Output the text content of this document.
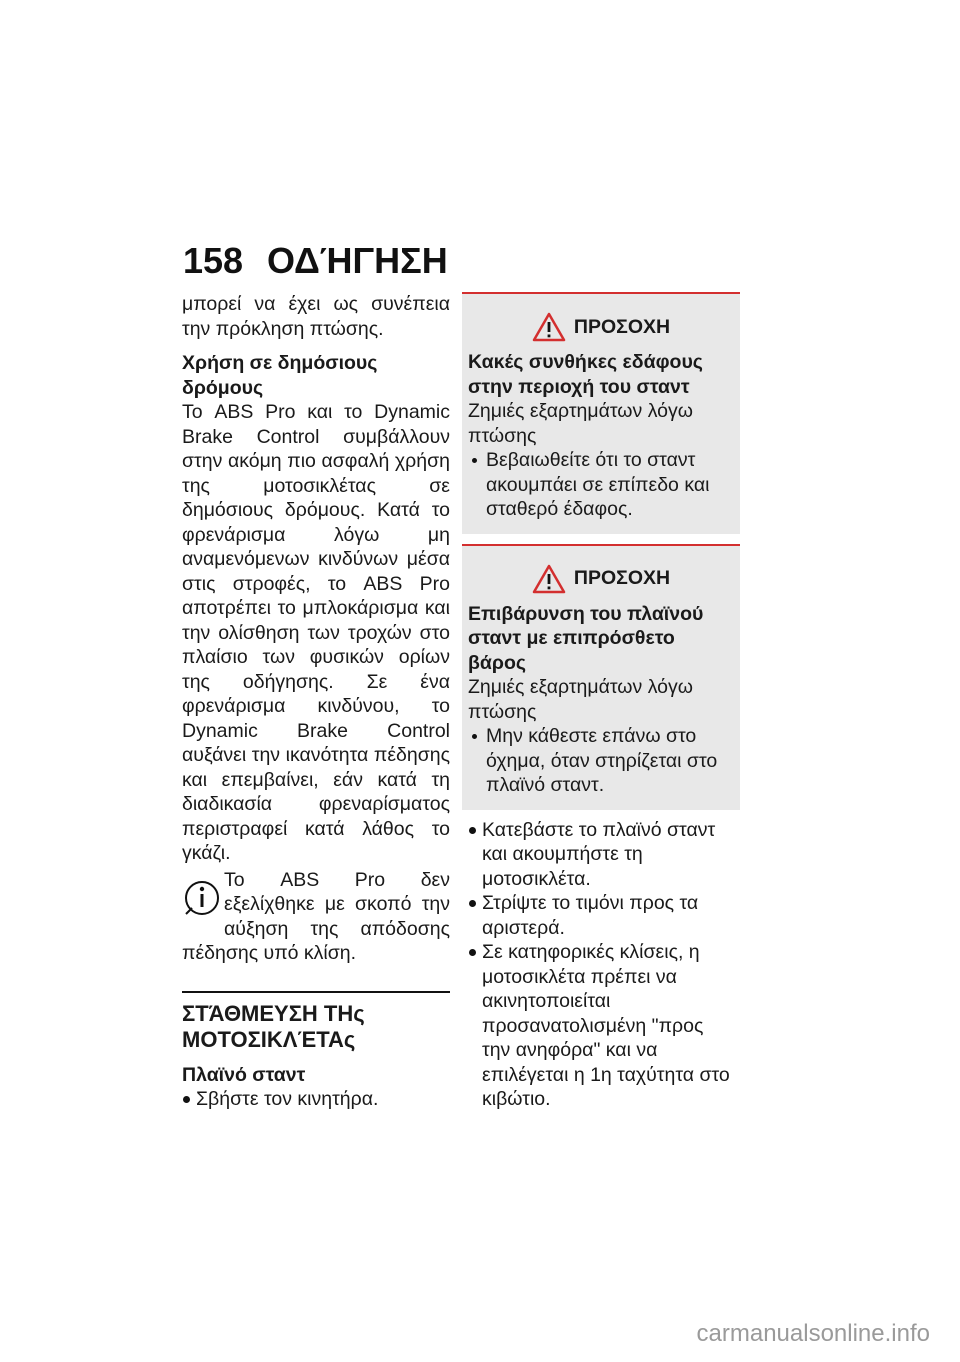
158 ΟΔΉΓΗΣΗ

μπορεί να έχει ως συνέπεια την πρόκληση πτώσης.

Χρήση σε δημόσιους δρόμους

Το ABS Pro και το Dynamic Brake Control συμβάλλουν στην ακόμη πιο ασφαλή χρήση της μοτοσικλέτας σε δημόσιους δρόμους. Κατά το φρενάρισμα λόγω μη αναμενόμενων κινδύνων μέσα στις στροφές, το ABS Pro αποτρέπει το μπλοκάρισμα και την ολίσθηση των τροχών στο πλαίσιο των φυσικών ορίων της οδήγησης. Σε ένα φρενάρισμα κινδύνου, το Dynamic Brake Control αυξάνει την ικανότητα πέδησης και επεμβαίνει, εάν κατά τη διαδικασία φρεναρίσματος περιστραφεί κατά λάθος το γκάζι.

Το ABS Pro δεν εξελίχθηκε με σκοπό την αύξηση της απόδοσης πέδησης υπό κλίση.

ΣΤΆΘΜΕΥΣΗ ΤΗς ΜΟΤΟΣΙΚΛΈΤΑς

Πλαϊνό σταντ

Σβήστε τον κινητήρα.
ΠΡΟΣΟΧΗ

Κακές συνθήκες εδάφους στην περιοχή του σταντ

Ζημιές εξαρτημάτων λόγω πτώσης

Βεβαιωθείτε ότι το σταντ ακουμπάει σε επίπεδο και σταθερό έδαφος.
ΠΡΟΣΟΧΗ

Επιβάρυνση του πλαϊνού σταντ με επιπρόσθετο βάρος

Ζημιές εξαρτημάτων λόγω πτώσης

Μην κάθεστε επάνω στο όχημα, όταν στηρίζεται στο πλαϊνό σταντ.
Κατεβάστε το πλαϊνό σταντ και ακουμπήστε τη μοτοσικλέτα.
Στρίψτε το τιμόνι προς τα αριστερά.
Σε κατηφορικές κλίσεις, η μοτοσικλέτα πρέπει να ακινητοποιείται προσανατολισμένη "προς την ανηφόρα" και να επιλέγεται η 1η ταχύτητα στο κιβώτιο.
carmanualsonline.info
